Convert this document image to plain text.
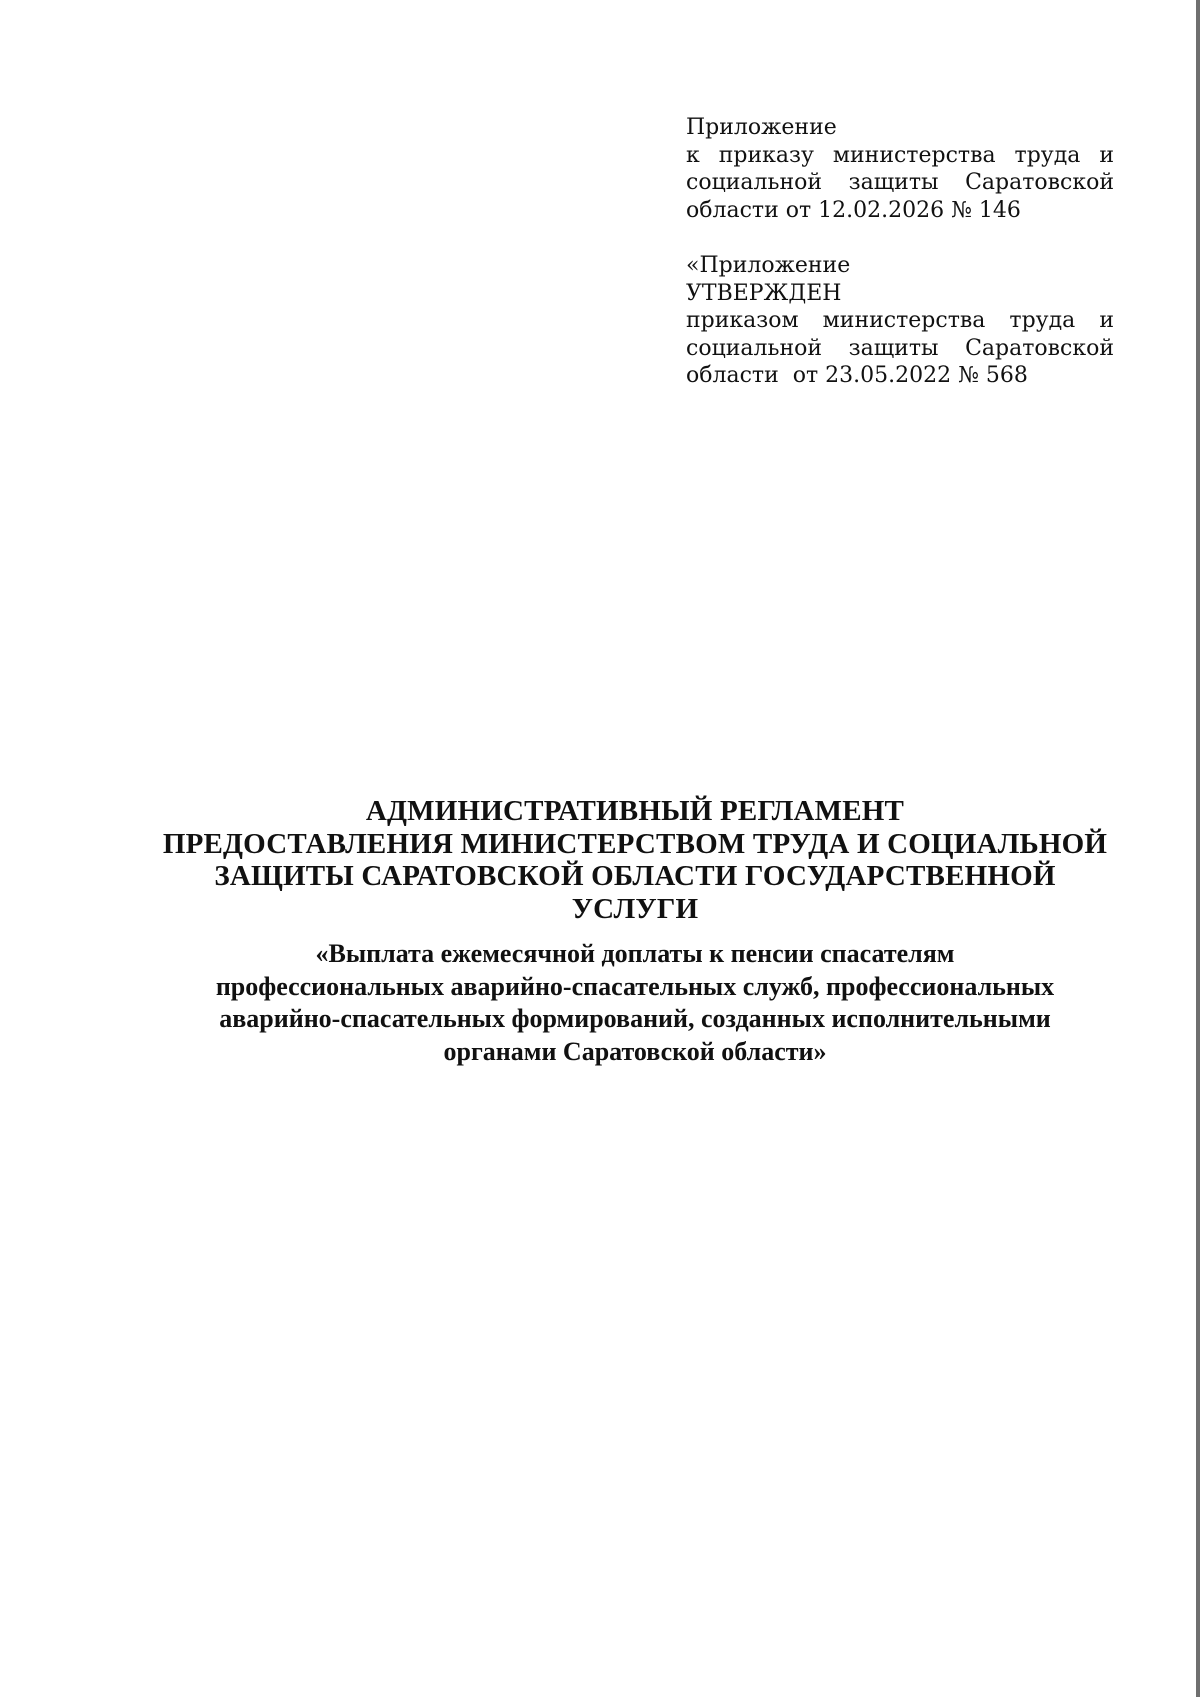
Приложение
к приказу министерства труда и
социальной защиты Саратовской
области от 12.02.2026 № 146
«Приложение
УТВЕРЖДЕН
приказом министерства труда и
социальной защиты Саратовской
области  от 23.05.2022 № 568
АДМИНИСТРАТИВНЫЙ РЕГЛАМЕНТ
ПРЕДОСТАВЛЕНИЯ МИНИСТЕРСТВОМ ТРУДА И СОЦИАЛЬНОЙ
ЗАЩИТЫ САРАТОВСКОЙ ОБЛАСТИ ГОСУДАРСТВЕННОЙ
УСЛУГИ
«Выплата ежемесячной доплаты к пенсии спасателям
профессиональных аварийно-спасательных служб, профессиональных
аварийно-спасательных формирований, созданных исполнительными
органами Саратовской области»
